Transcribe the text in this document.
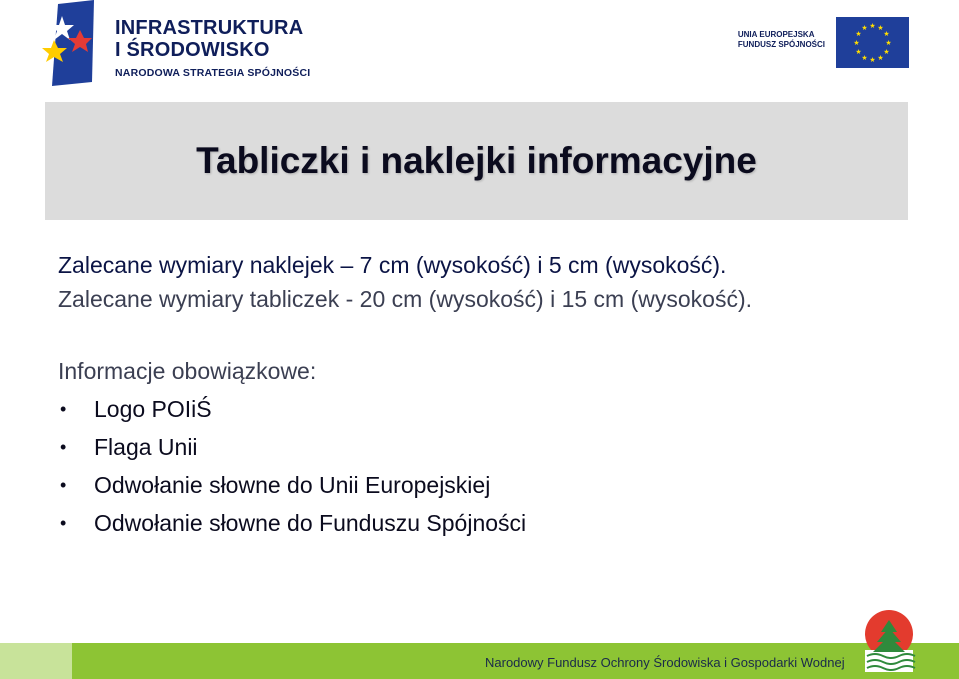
INFRASTRUKTURA
I ŚRODOWISKO
NARODOWA STRATEGIA SPÓJNOŚCI
UNIA EUROPEJSKA
FUNDUSZ SPÓJNOŚCI
★ ★
★
★
★
★
★
★
★
★
★
★
Tabliczki i naklejki informacyjne

Zalecane wymiary naklejek – 7 cm (wysokość) i 5 cm (wysokość).

Zalecane wymiary tabliczek - 20 cm (wysokość) i 15 cm (wysokość).

Informacje obowiązkowe:

• Logo POIiŚ
• Flaga Unii
• Odwołanie słowne do Unii Europejskiej
• Odwołanie słowne do Funduszu Spójności
Narodowy Fundusz Ochrony Środowiska i Gospodarki Wodnej
